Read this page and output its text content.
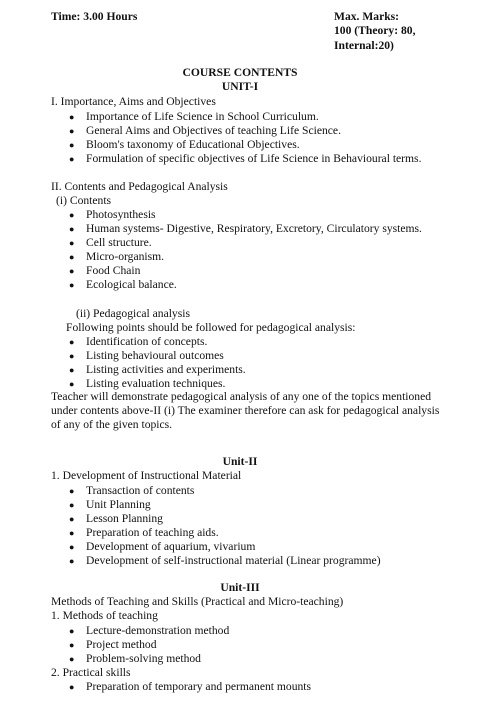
Time: 3.00 Hours	Max. Marks:
100 (Theory: 80,
Internal:20)
COURSE CONTENTS
UNIT-I
I. Importance, Aims and Objectives
● Importance of Life Science in School Curriculum.
● General Aims and Objectives of teaching Life Science.
● Bloom's taxonomy of Educational Objectives.
● Formulation of specific objectives of Life Science in Behavioural terms.
II. Contents and Pedagogical Analysis
(i) Contents
● Photosynthesis
● Human systems- Digestive, Respiratory, Excretory, Circulatory systems.
● Cell structure.
● Micro-organism.
● Food Chain
● Ecological balance.
(ii) Pedagogical analysis
Following points should be followed for pedagogical analysis:
● Identification of concepts.
● Listing behavioural outcomes
● Listing activities and experiments.
● Listing evaluation techniques.
Teacher will demonstrate pedagogical analysis of any one of the topics mentioned
under contents above-II (i) The examiner therefore can ask for pedagogical analysis
of any of the given topics.
Unit-II
1. Development of Instructional Material
● Transaction of contents
● Unit Planning
● Lesson Planning
● Preparation of teaching aids.
● Development of aquarium, vivarium
● Development of self-instructional material (Linear programme)
Unit-III
Methods of Teaching and Skills (Practical and Micro-teaching)
1. Methods of teaching
● Lecture-demonstration method
● Project method
● Problem-solving method
2. Practical skills
● Preparation of temporary and permanent mounts
